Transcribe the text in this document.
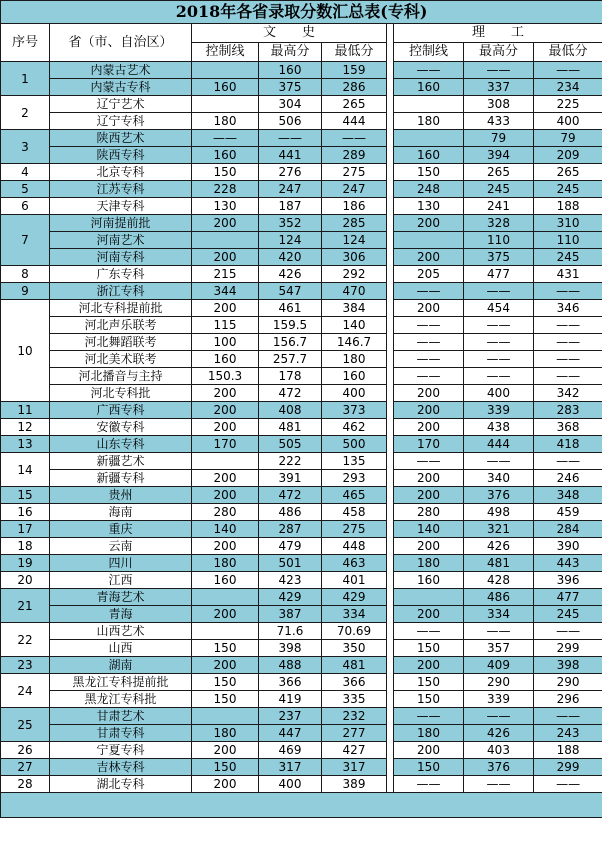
2018年各省录取分数汇总表(专科)								
序号	省（市、自治区）	文　　史				理　　工		
		控制线	最高分	最低分		控制线	最高分	最低分
1	内蒙古艺术		160	159		——	——	——
	内蒙古专科	160	375	286		160	337	234
2	辽宁艺术		304	265			308	225
	辽宁专科	180	506	444		180	433	400
3	陕西艺术	——	——	——			79	79
	陕西专科	160	441	289		160	394	209
4	北京专科	150	276	275		150	265	265
5	江苏专科	228	247	247		248	245	245
6	天津专科	130	187	186		130	241	188
7	河南提前批	200	352	285		200	328	310
	河南艺术		124	124			110	110
	河南专科	200	420	306		200	375	245
8	广东专科	215	426	292		205	477	431
9	浙江专科	344	547	470		——	——	——
10	河北专科提前批	200	461	384		200	454	346
	河北声乐联考	115	159.5	140		——	——	——
	河北舞蹈联考	100	156.7	146.7		——	——	——
	河北美术联考	160	257.7	180		——	——	——
	河北播音与主持	150.3	178	160		——	——	——
	河北专科批	200	472	400		200	400	342
11	广西专科	200	408	373		200	339	283
12	安徽专科	200	481	462		200	438	368
13	山东专科	170	505	500		170	444	418
14	新疆艺术		222	135		——	——	——
	新疆专科	200	391	293		200	340	246
15	贵州	200	472	465		200	376	348
16	海南	280	486	458		280	498	459
17	重庆	140	287	275		140	321	284
18	云南	200	479	448		200	426	390
19	四川	180	501	463		180	481	443
20	江西	160	423	401		160	428	396
21	青海艺术		429	429			486	477
	青海	200	387	334		200	334	245
22	山西艺术		71.6	70.69		——	——	——
	山西	150	398	350		150	357	299
23	湖南	200	488	481		200	409	398
24	黑龙江专科提前批	150	366	366		150	290	290
	黑龙江专科批	150	419	335		150	339	296
25	甘肃艺术		237	232		——	——	——
	甘肃专科	180	447	277		180	426	243
26	宁夏专科	200	469	427		200	403	188
27	吉林专科	150	317	317		150	376	299
28	湖北专科	200	400	389		——	——	——
